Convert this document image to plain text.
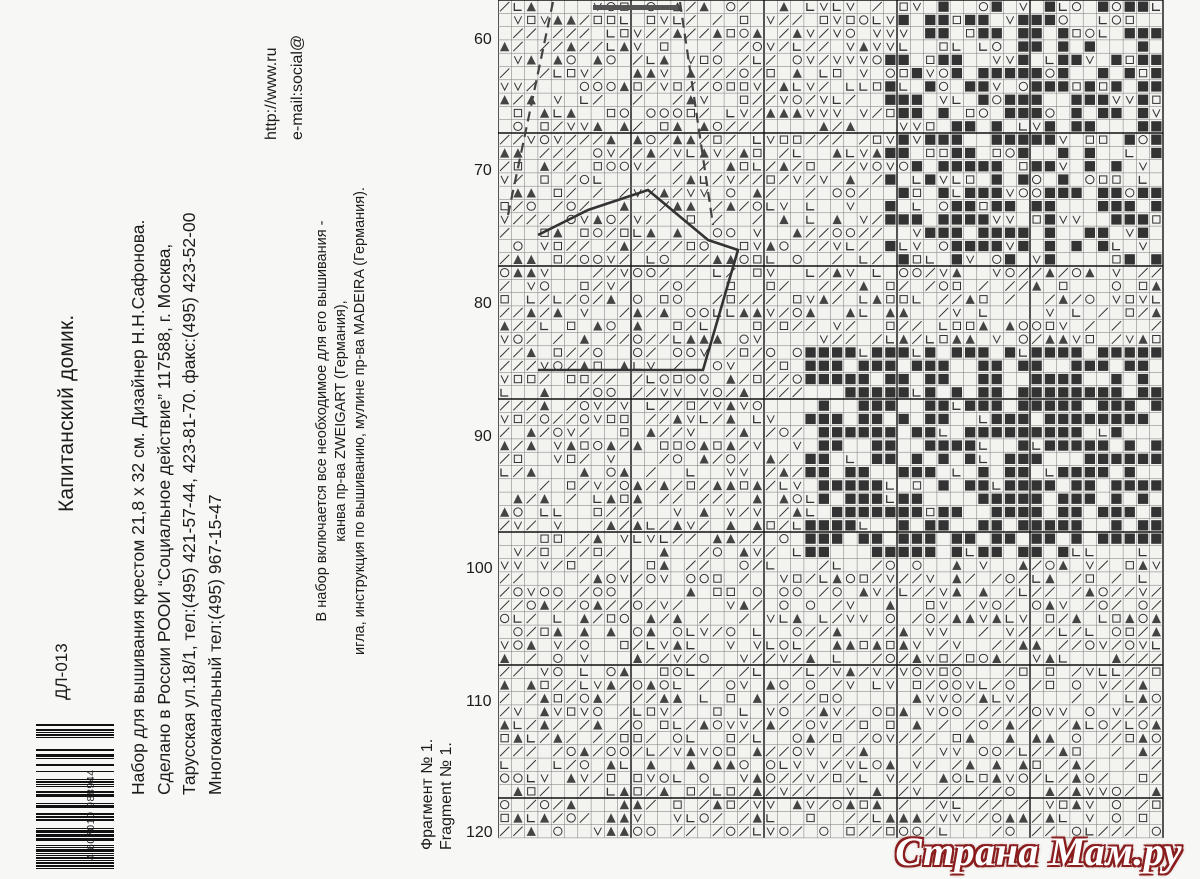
Капитанский домик.
ДЛ-013	Набор для вышивания крестом 21,8 х 32 см. Дизайнер Н.Н.Сафонова. Сделано в России РООИ “Социальное действие” 117588, г. Москва, Тарусская ул.18/1, тел:(495) 421-57-44, 423-81-70. факс:(495) 423-52-00 Многоканальный тел:(495) 967-15-47
В набор включается все необходимое для его вышивания - канва пр-ва ZWEIGART (Германия), игла, инструкция по вышиванию, мулине пр-ва MADEIRA (Германия).
http://www.ru e-mail:social@
Фрагмент № 1. Fragment № 1.
4 607010 988944
60
70
80
90
100
110
120	Страна Мам.ру
